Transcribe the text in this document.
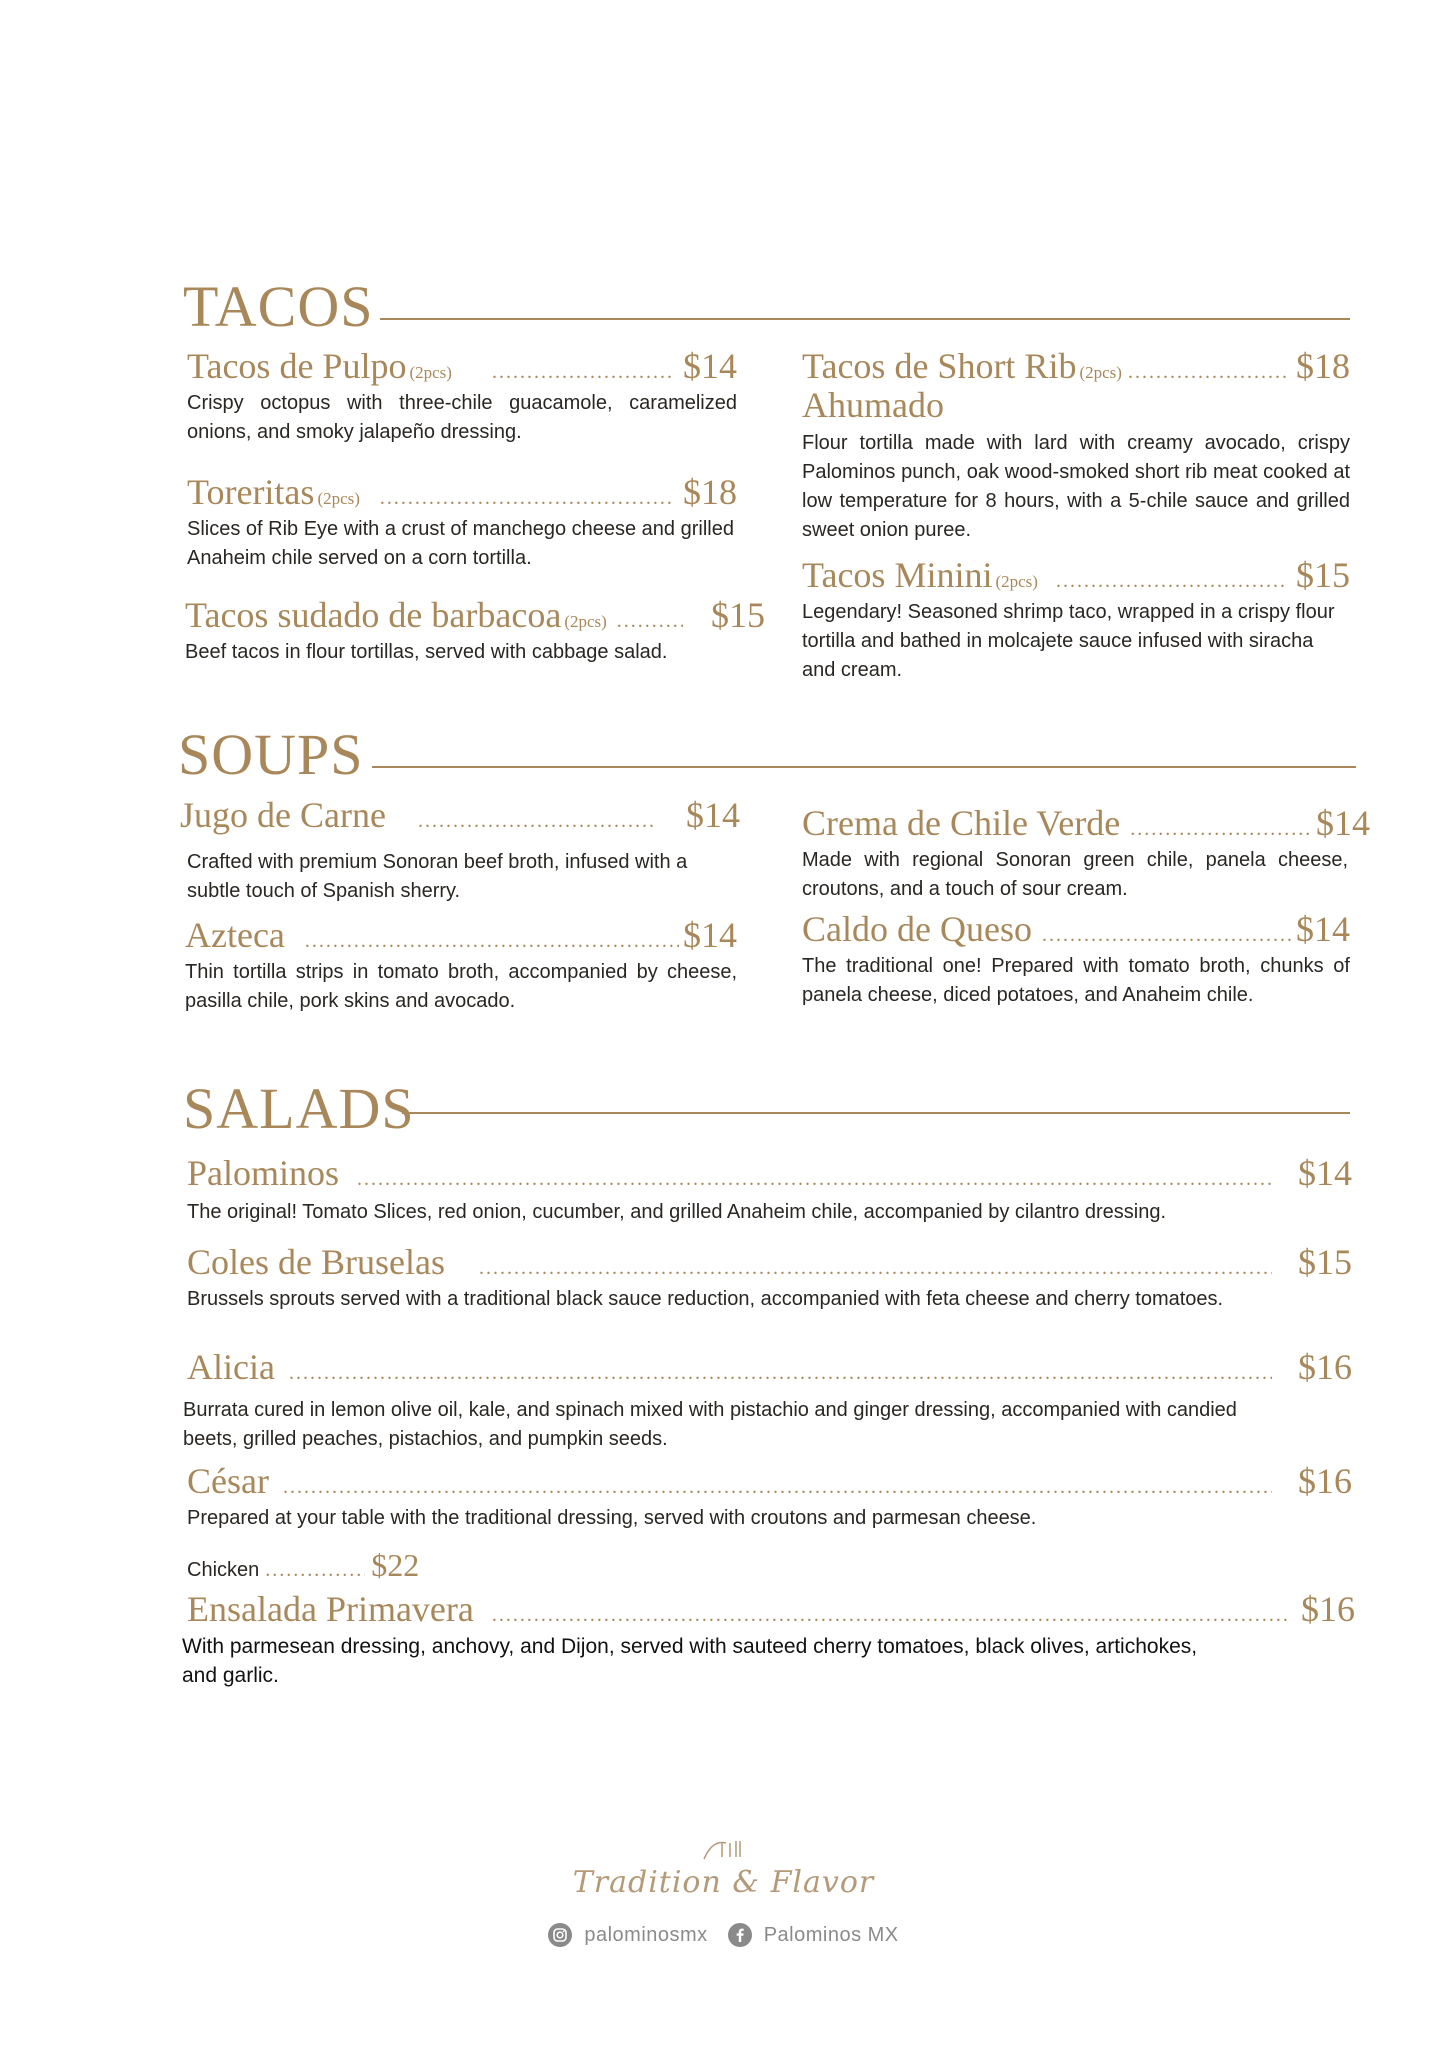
TACOS
Tacos de Pulpo (2pcs) .....	$14
Crispy octopus with three-chile guacamole, caramelized onions, and smoky jalapeño dressing.
Toreritas (2pcs) .....	$18
Slices of Rib Eye with a crust of manchego cheese and grilled Anaheim chile served on a corn tortilla.
Tacos sudado de barbacoa (2pcs) .....	$15
Beef tacos in flour tortillas, served with cabbage salad.
Tacos de Short Rib (2pcs) .....	$18
Ahumado
Flour tortilla made with lard with creamy avocado, crispy Palominos punch, oak wood-smoked short rib meat cooked at low temperature for 8 hours, with a 5-chile sauce and grilled sweet onion puree.
Tacos Minini (2pcs) .....	$15
Legendary! Seasoned shrimp taco, wrapped in a crispy flour tortilla and bathed in molcajete sauce infused with siracha and cream.
SOUPS
Jugo de Carne .....	$14
Crafted with premium Sonoran beef broth, infused with a subtle touch of Spanish sherry.
Azteca .....	$14
Thin tortilla strips in tomato broth, accompanied by cheese, pasilla chile, pork skins and avocado.
Crema de Chile Verde .....	$14
Made with regional Sonoran green chile, panela cheese, croutons, and a touch of sour cream.
Caldo de Queso .....	$14
The traditional one! Prepared with tomato broth, chunks of panela cheese, diced potatoes, and Anaheim chile.
SALADS
Palominos .....	$14
The original! Tomato Slices, red onion, cucumber, and grilled Anaheim chile, accompanied by cilantro dressing.
Coles de Bruselas .....	$15
Brussels sprouts served with a traditional black sauce reduction, accompanied with feta cheese and cherry tomatoes.
Alicia .....	$16
Burrata cured in lemon olive oil, kale, and spinach mixed with pistachio and ginger dressing, accompanied with candied beets, grilled peaches, pistachios, and pumpkin seeds.
César .....	$16
Prepared at your table with the traditional dressing, served with croutons and parmesan cheese.
Chicken .....	$22
Ensalada Primavera .....	$16
With parmesean dressing, anchovy, and Dijon, served with sauteed cherry tomatoes, black olives, artichokes, and garlic.
Tradition & Flavor
palominosmx	Palominos MX
